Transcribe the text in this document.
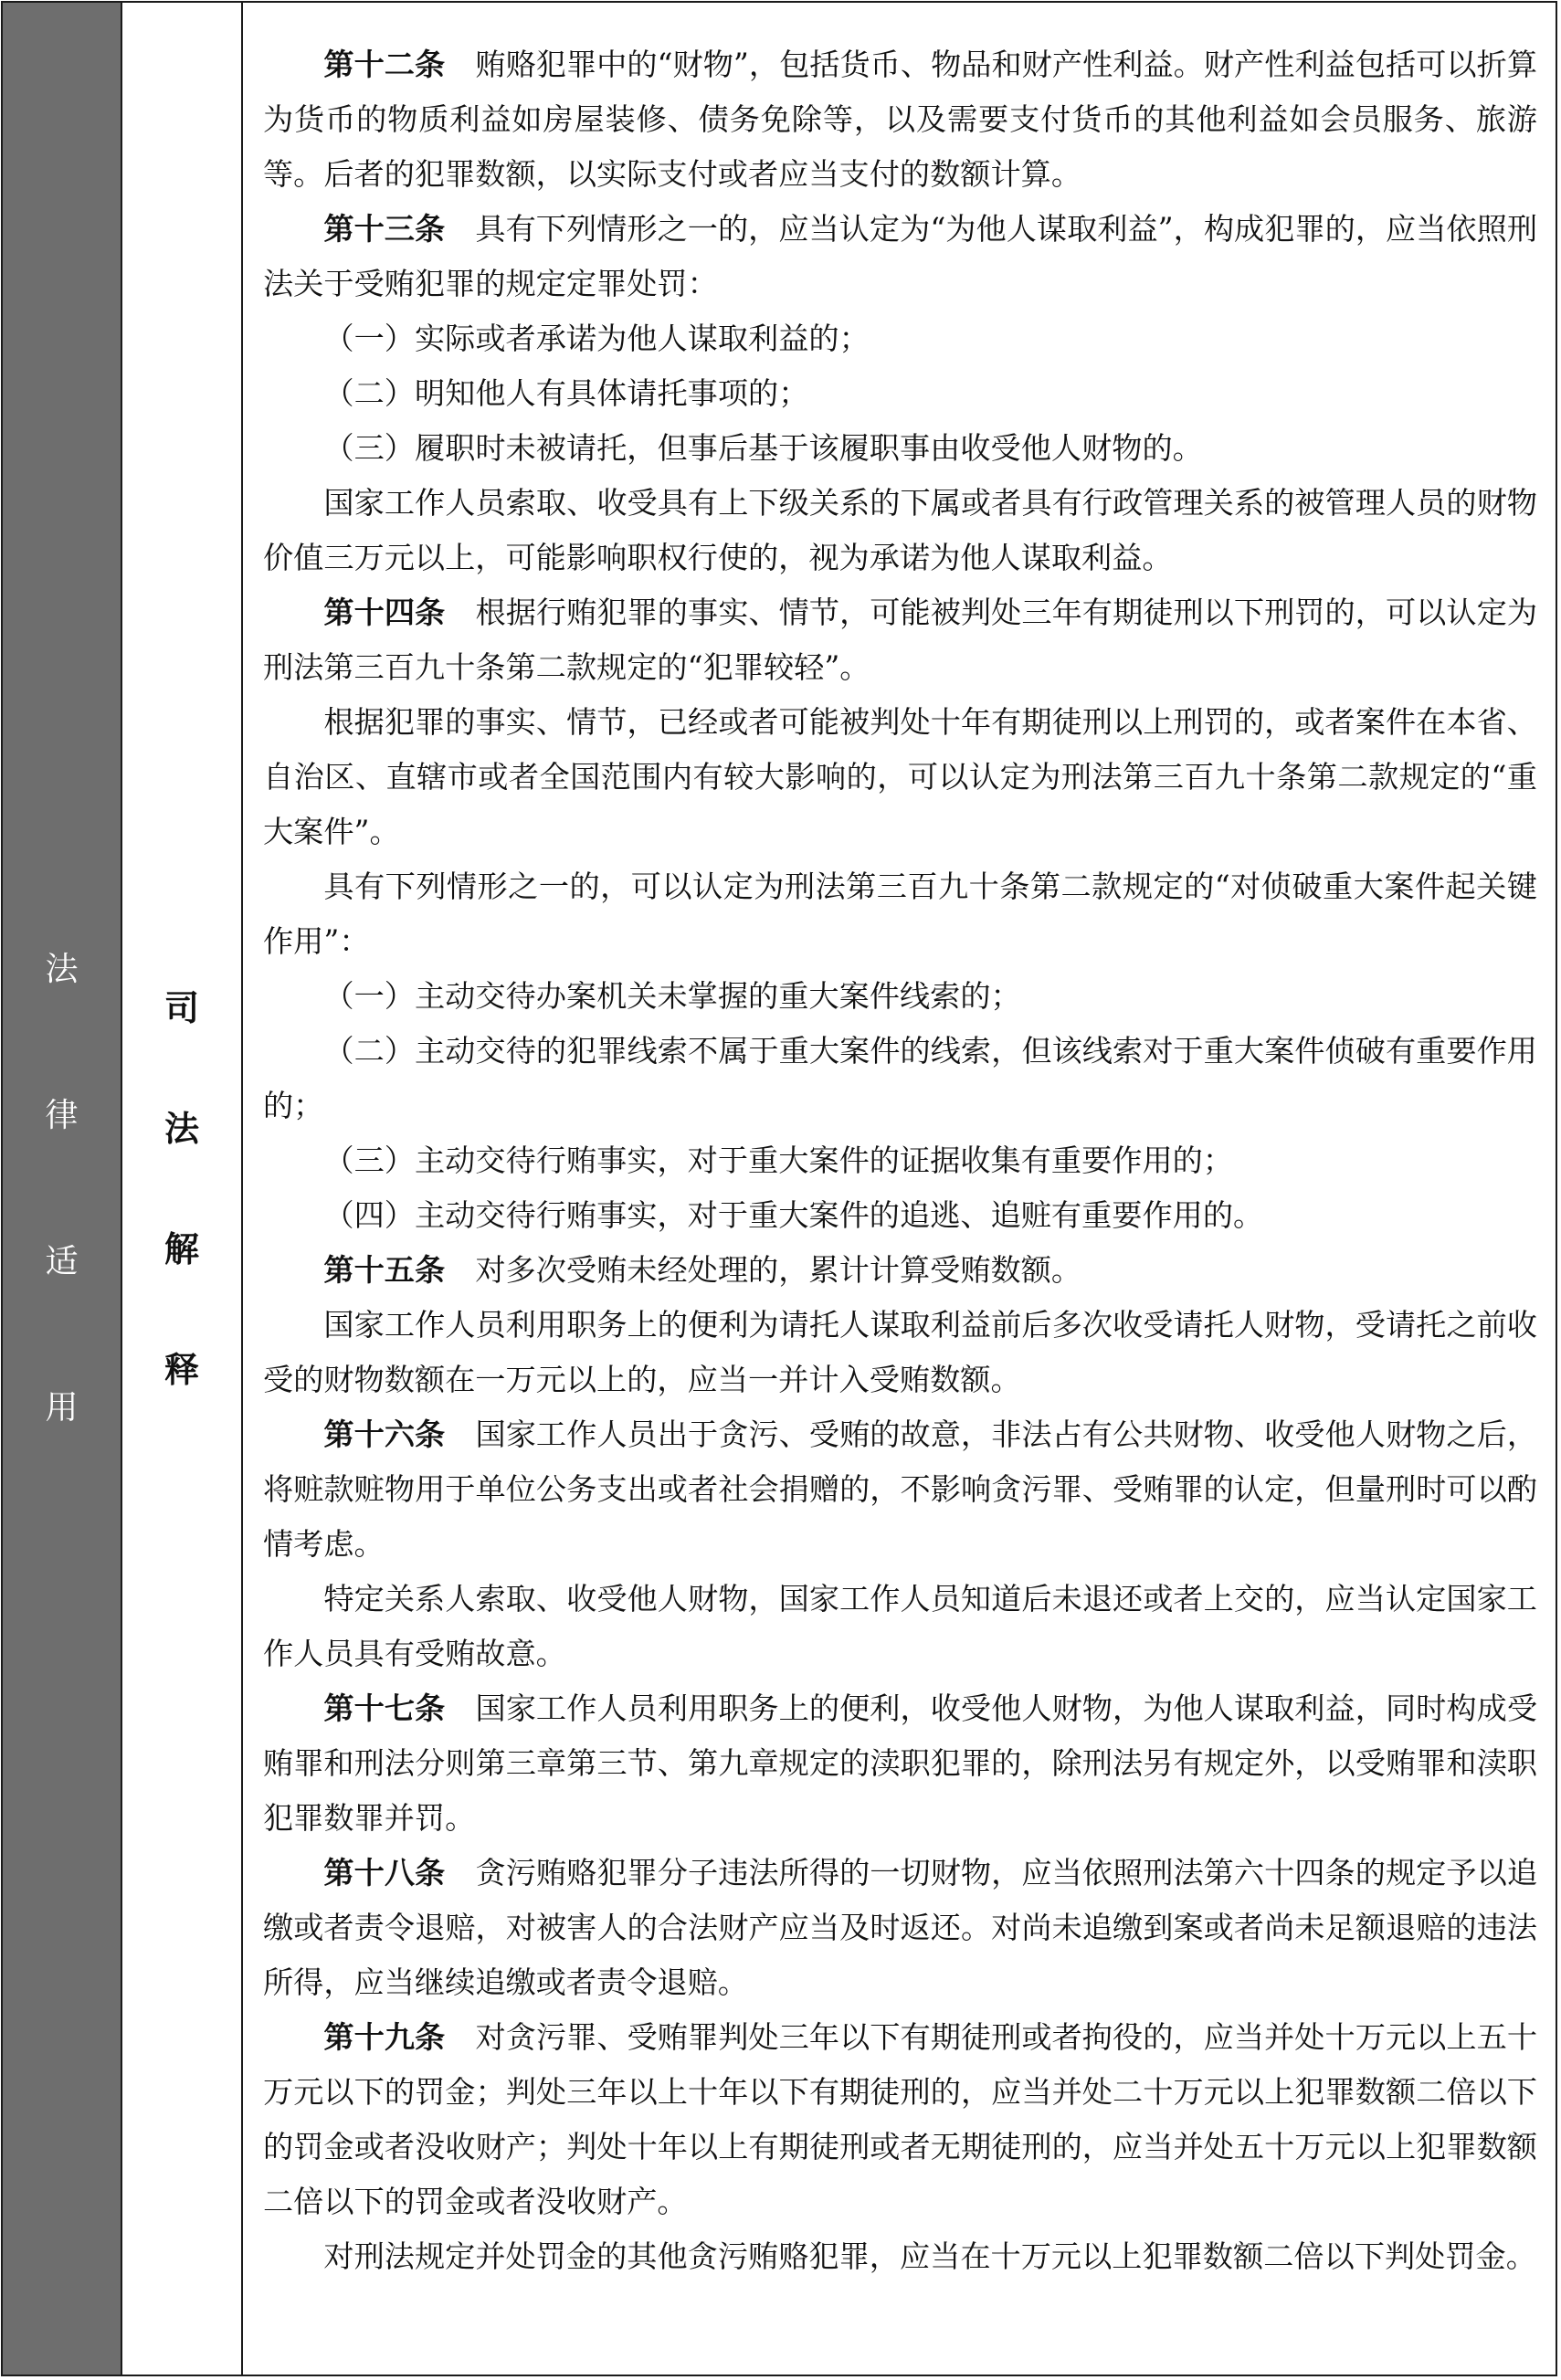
法
律
适
用
司
法
解
释

第十二条 贿赂犯罪中的“财物”，包括货币、物品和财产性利益。财产性利益包括可以折算为货币的物质利益如房屋装修、债务免除等，以及需要支付货币的其他利益如会员服务、旅游等。后者的犯罪数额，以实际支付或者应当支付的数额计算。

第十三条 具有下列情形之一的，应当认定为“为他人谋取利益”，构成犯罪的，应当依照刑法关于受贿犯罪的规定定罪处罚：

（一）实际或者承诺为他人谋取利益的；

（二）明知他人有具体请托事项的；

（三）履职时未被请托，但事后基于该履职事由收受他人财物的。

国家工作人员索取、收受具有上下级关系的下属或者具有行政管理关系的被管理人员的财物价值三万元以上，可能影响职权行使的，视为承诺为他人谋取利益。

第十四条 根据行贿犯罪的事实、情节，可能被判处三年有期徒刑以下刑罚的，可以认定为刑法第三百九十条第二款规定的“犯罪较轻”。

根据犯罪的事实、情节，已经或者可能被判处十年有期徒刑以上刑罚的，或者案件在本省、自治区、直辖市或者全国范围内有较大影响的，可以认定为刑法第三百九十条第二款规定的“重大案件”。

具有下列情形之一的，可以认定为刑法第三百九十条第二款规定的“对侦破重大案件起关键作用”：

（一）主动交待办案机关未掌握的重大案件线索的；

（二）主动交待的犯罪线索不属于重大案件的线索，但该线索对于重大案件侦破有重要作用的；

（三）主动交待行贿事实，对于重大案件的证据收集有重要作用的；

（四）主动交待行贿事实，对于重大案件的追逃、追赃有重要作用的。

第十五条 对多次受贿未经处理的，累计计算受贿数额。

国家工作人员利用职务上的便利为请托人谋取利益前后多次收受请托人财物，受请托之前收受的财物数额在一万元以上的，应当一并计入受贿数额。

第十六条 国家工作人员出于贪污、受贿的故意，非法占有公共财物、收受他人财物之后，将赃款赃物用于单位公务支出或者社会捐赠的，不影响贪污罪、受贿罪的认定，但量刑时可以酌情考虑。

特定关系人索取、收受他人财物，国家工作人员知道后未退还或者上交的，应当认定国家工作人员具有受贿故意。

第十七条 国家工作人员利用职务上的便利，收受他人财物，为他人谋取利益，同时构成受贿罪和刑法分则第三章第三节、第九章规定的渎职犯罪的，除刑法另有规定外，以受贿罪和渎职犯罪数罪并罚。

第十八条 贪污贿赂犯罪分子违法所得的一切财物，应当依照刑法第六十四条的规定予以追缴或者责令退赔，对被害人的合法财产应当及时返还。对尚未追缴到案或者尚未足额退赔的违法所得，应当继续追缴或者责令退赔。

第十九条 对贪污罪、受贿罪判处三年以下有期徒刑或者拘役的，应当并处十万元以上五十万元以下的罚金；判处三年以上十年以下有期徒刑的，应当并处二十万元以上犯罪数额二倍以下的罚金或者没收财产；判处十年以上有期徒刑或者无期徒刑的，应当并处五十万元以上犯罪数额二倍以下的罚金或者没收财产。

对刑法规定并处罚金的其他贪污贿赂犯罪，应当在十万元以上犯罪数额二倍以下判处罚金。
